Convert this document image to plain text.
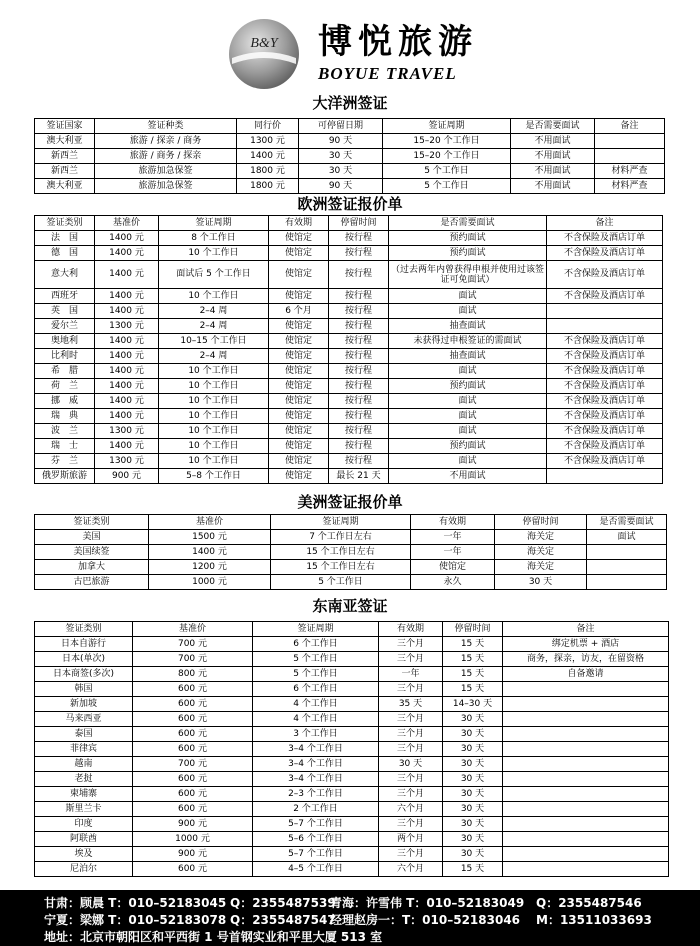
B&Y 博悦旅游
BOYUE TRAVEL
大洋洲签证
签证国家	签证种类	同行价	可停留日期	签证周期	是否需要面试	备注
澳大利亚	旅游 / 探亲 / 商务	1300 元	90 天	15–20 个工作日	不用面试	
新西兰	旅游 / 商务 / 探亲	1400 元	30 天	15–20 个工作日	不用面试	
新西兰	旅游加急保签	1800 元	30 天	5 个工作日	不用面试	材料严查
澳大利亚	旅游加急保签	1800 元	90 天	5 个工作日	不用面试	材料严查
欧洲签证报价单
签证类别	基准价	签证周期	有效期	停留时间	是否需要面试	备注
法　国	1400 元	8 个工作日	使馆定	按行程	预约面试	不含保险及酒店订单
德　国	1400 元	10 个工作日	使馆定	按行程	预约面试	不含保险及酒店订单
意大利	1400 元	面试后 5 个工作日	使馆定	按行程	（过去两年内曾获得申根并使用过该签证可免面试）	不含保险及酒店订单
西班牙	1400 元	10 个工作日	使馆定	按行程	面试	不含保险及酒店订单
英　国	1400 元	2–4 周	6 个月	按行程	面试	
爱尔兰	1300 元	2–4 周	使馆定	按行程	抽查面试	
奥地利	1400 元	10–15 个工作日	使馆定	按行程	未获得过申根签证的需面试	不含保险及酒店订单
比利时	1400 元	2–4 周	使馆定	按行程	抽查面试	不含保险及酒店订单
希　腊	1400 元	10 个工作日	使馆定	按行程	面试	不含保险及酒店订单
荷　兰	1400 元	10 个工作日	使馆定	按行程	预约面试	不含保险及酒店订单
挪　威	1400 元	10 个工作日	使馆定	按行程	面试	不含保险及酒店订单
瑞　典	1400 元	10 个工作日	使馆定	按行程	面试	不含保险及酒店订单
波　兰	1300 元	10 个工作日	使馆定	按行程	面试	不含保险及酒店订单
瑞　士	1400 元	10 个工作日	使馆定	按行程	预约面试	不含保险及酒店订单
芬　兰	1300 元	10 个工作日	使馆定	按行程	面试	不含保险及酒店订单
俄罗斯旅游	900 元	5–8 个工作日	使馆定	最长 21 天	不用面试	
美洲签证报价单
签证类别	基准价	签证周期	有效期	停留时间	是否需要面试
美国	1500 元	7 个工作日左右	一年	海关定	面试
美国续签	1400 元	15 个工作日左右	一年	海关定	
加拿大	1200 元	15 个工作日左右	使馆定	海关定	
古巴旅游	1000 元	5 个工作日	永久	30 天	
东南亚签证
签证类别	基准价	签证周期	有效期	停留时间	备注
日本自游行	700 元	6 个工作日	三个月	15 天	绑定机票 + 酒店
日本(单次)	700 元	5 个工作日	三个月	15 天	商务，探亲，访友，在留资格
日本商签(多次)	800 元	5 个工作日	一年	15 天	自备邀请
韩国	600 元	6 个工作日	三个月	15 天	
新加坡	600 元	4 个工作日	35 天	14–30 天	
马来西亚	600 元	4 个工作日	三个月	30 天	
泰国	600 元	3 个工作日	三个月	30 天	
菲律宾	600 元	3–4 个工作日	三个月	30 天	
越南	700 元	3–4 个工作日	30 天	30 天	
老挝	600 元	3–4 个工作日	三个月	30 天	
柬埔寨	600 元	2–3 个工作日	三个月	30 天	
斯里兰卡	600 元	2 个工作日	六个月	30 天	
印度	900 元	5–7 个工作日	三个月	30 天	
阿联酋	1000 元	5–6 个工作日	两个月	30 天	
埃及	900 元	5–7 个工作日	三个月	30 天	
尼泊尔	600 元	4–5 个工作日	六个月	15 天	
甘肃：顾晨 T：010–52183045 Q：2355487539青海：许雪伟 T：010–52183049 Q：2355487546
宁夏：梁娜 T：010–52183078 Q：2355487547经理赵房一：T：010–52183046 M：13511033693
地址：北京市朝阳区和平西街 1 号首钢实业和平里大厦 513 室
